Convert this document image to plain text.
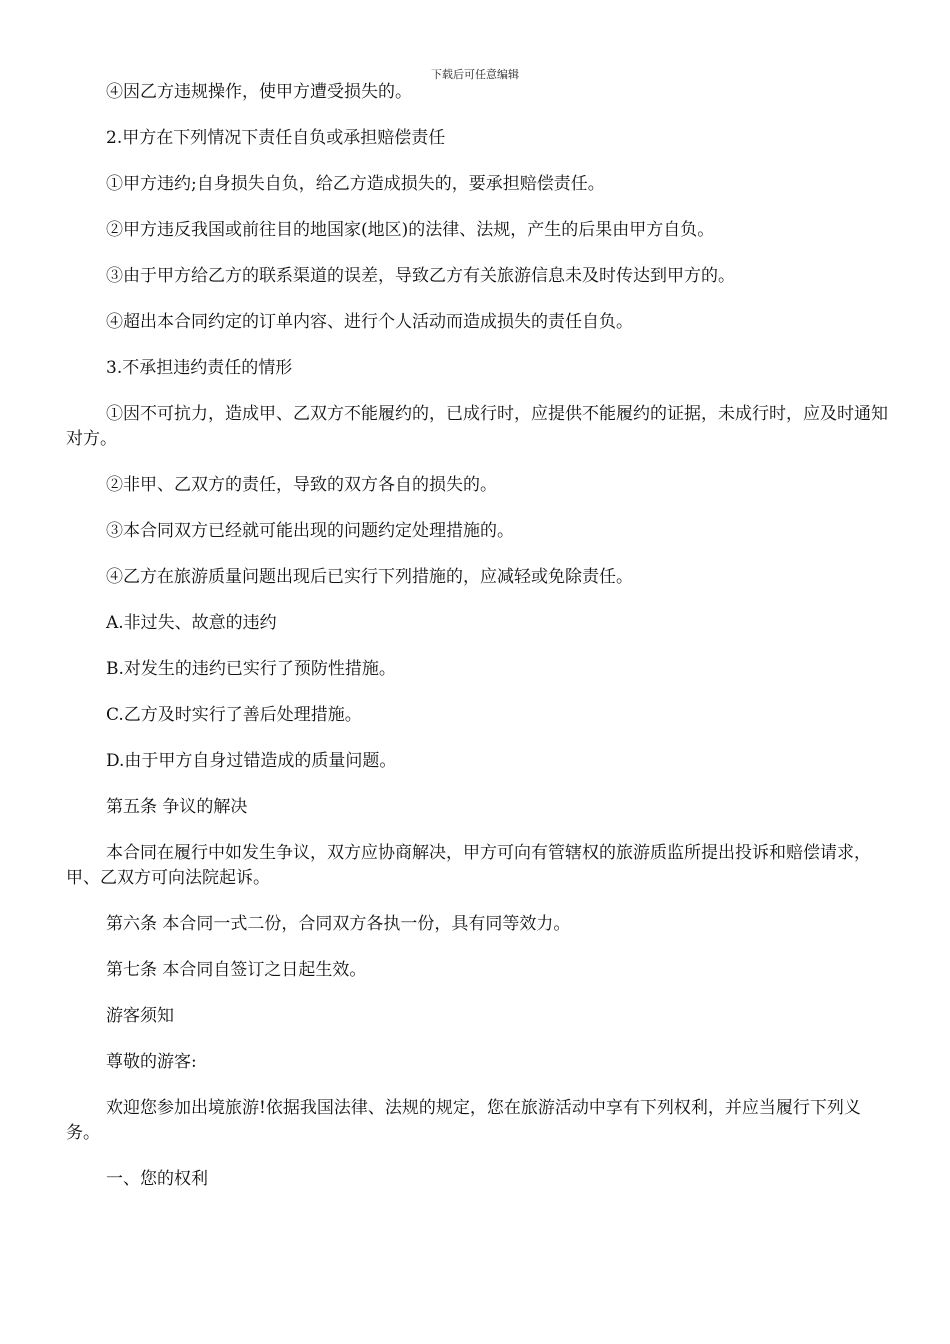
下载后可任意编辑

④因乙方违规操作，使甲方遭受损失的。

2.甲方在下列情况下责任自负或承担赔偿责任

①甲方违约;自身损失自负，给乙方造成损失的，要承担赔偿责任。

②甲方违反我国或前往目的地国家(地区)的法律、法规，产生的后果由甲方自负。

③由于甲方给乙方的联系渠道的误差，导致乙方有关旅游信息未及时传达到甲方的。

④超出本合同约定的订单内容、进行个人活动而造成损失的责任自负。

3.不承担违约责任的情形

①因不可抗力，造成甲、乙双方不能履约的，已成行时，应提供不能履约的证据，未成行时，应及时通知对方。

②非甲、乙双方的责任，导致的双方各自的损失的。

③本合同双方已经就可能出现的问题约定处理措施的。

④乙方在旅游质量问题出现后已实行下列措施的，应减轻或免除责任。

A.非过失、故意的违约

B.对发生的违约已实行了预防性措施。

C.乙方及时实行了善后处理措施。

D.由于甲方自身过错造成的质量问题。

第五条 争议的解决

本合同在履行中如发生争议，双方应协商解决，甲方可向有管辖权的旅游质监所提出投诉和赔偿请求，甲、乙双方可向法院起诉。

第六条 本合同一式二份，合同双方各执一份，具有同等效力。

第七条 本合同自签订之日起生效。

游客须知

尊敬的游客:

欢迎您参加出境旅游!依据我国法律、法规的规定，您在旅游活动中享有下列权利，并应当履行下列义务。

一、您的权利
